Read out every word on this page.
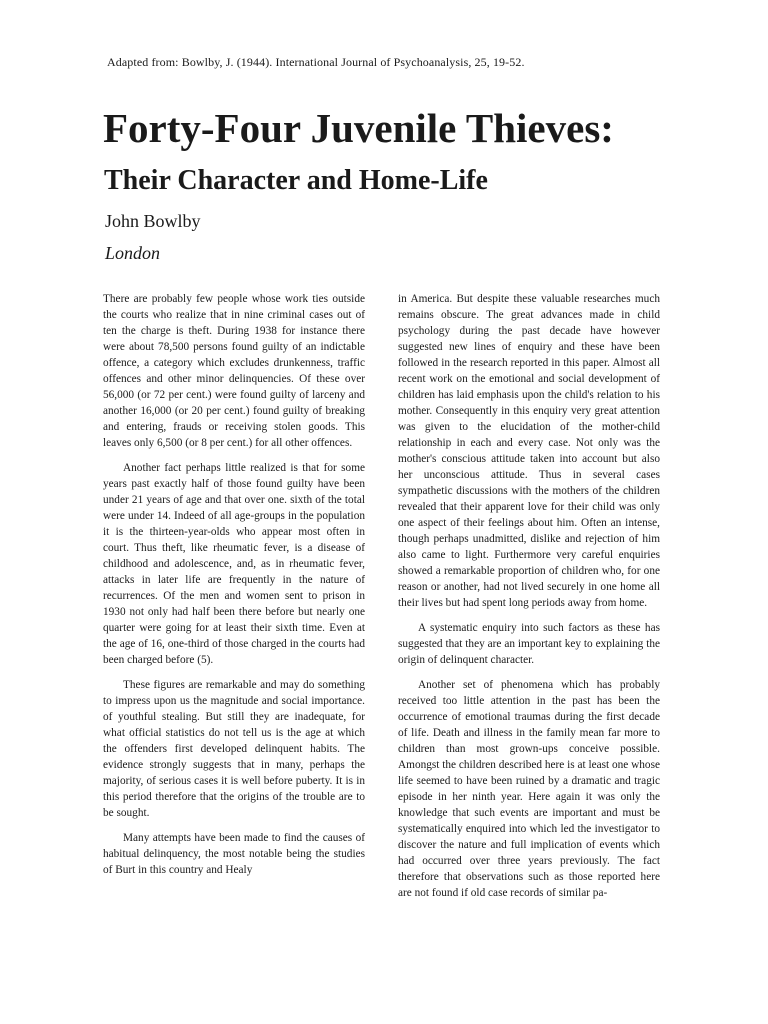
Adapted from: Bowlby, J. (1944). International Journal of Psychoanalysis, 25, 19-52.
Forty-Four Juvenile Thieves:
Their Character and Home-Life
John Bowlby
London

There are probably few people whose work ties outside the courts who realize that in nine criminal cases out of ten the charge is theft. During 1938 for instance there were about 78,500 persons found guilty of an indictable offence, a category which excludes drunkenness, traffic offences and other minor delinquencies. Of these over 56,000 (or 72 per cent.) were found guilty of larceny and another 16,000 (or 20 per cent.) found guilty of breaking and entering, frauds or receiving stolen goods. This leaves only 6,500 (or 8 per cent.) for all other offences.

Another fact perhaps little realized is that for some years past exactly half of those found guilty have been under 21 years of age and that over one. sixth of the total were under 14. Indeed of all age-groups in the population it is the thirteen-year-olds who appear most often in court. Thus theft, like rheumatic fever, is a disease of childhood and adolescence, and, as in rheumatic fever, attacks in later life are frequently in the nature of recurrences. Of the men and women sent to prison in 1930 not only had half been there before but nearly one quarter were going for at least their sixth time. Even at the age of 16, one-third of those charged in the courts had been charged before (5).

These figures are remarkable and may do something to impress upon us the magnitude and social importance. of youthful stealing. But still they are inadequate, for what official statistics do not tell us is the age at which the offenders first developed delinquent habits. The evidence strongly suggests that in many, perhaps the majority, of serious cases it is well before puberty. It is in this period therefore that the origins of the trouble are to be sought.

Many attempts have been made to find the causes of habitual delinquency, the most notable being the studies of Burt in this country and Healy

in America. But despite these valuable researches much remains obscure. The great advances made in child psychology during the past decade have however suggested new lines of enquiry and these have been followed in the research reported in this paper. Almost all recent work on the emotional and social development of children has laid emphasis upon the child's relation to his mother. Consequently in this enquiry very great attention was given to the elucidation of the mother-child relationship in each and every case. Not only was the mother's conscious attitude taken into account but also her unconscious attitude. Thus in several cases sympathetic discussions with the mothers of the children revealed that their apparent love for their child was only one aspect of their feelings about him. Often an intense, though perhaps unadmitted, dislike and rejection of him also came to light. Furthermore very careful enquiries showed a remarkable proportion of children who, for one reason or another, had not lived securely in one home all their lives but had spent long periods away from home.

A systematic enquiry into such factors as these has suggested that they are an important key to explaining the origin of delinquent character.

Another set of phenomena which has probably received too little attention in the past has been the occurrence of emotional traumas during the first decade of life. Death and illness in the family mean far more to children than most grown-ups conceive possible. Amongst the children described here is at least one whose life seemed to have been ruined by a dramatic and tragic episode in her ninth year. Here again it was only the knowledge that such events are important and must be systematically enquired into which led the investigator to discover the nature and full implication of events which had occurred over three years previously. The fact therefore that observations such as those reported here are not found if old case records of similar pa-
